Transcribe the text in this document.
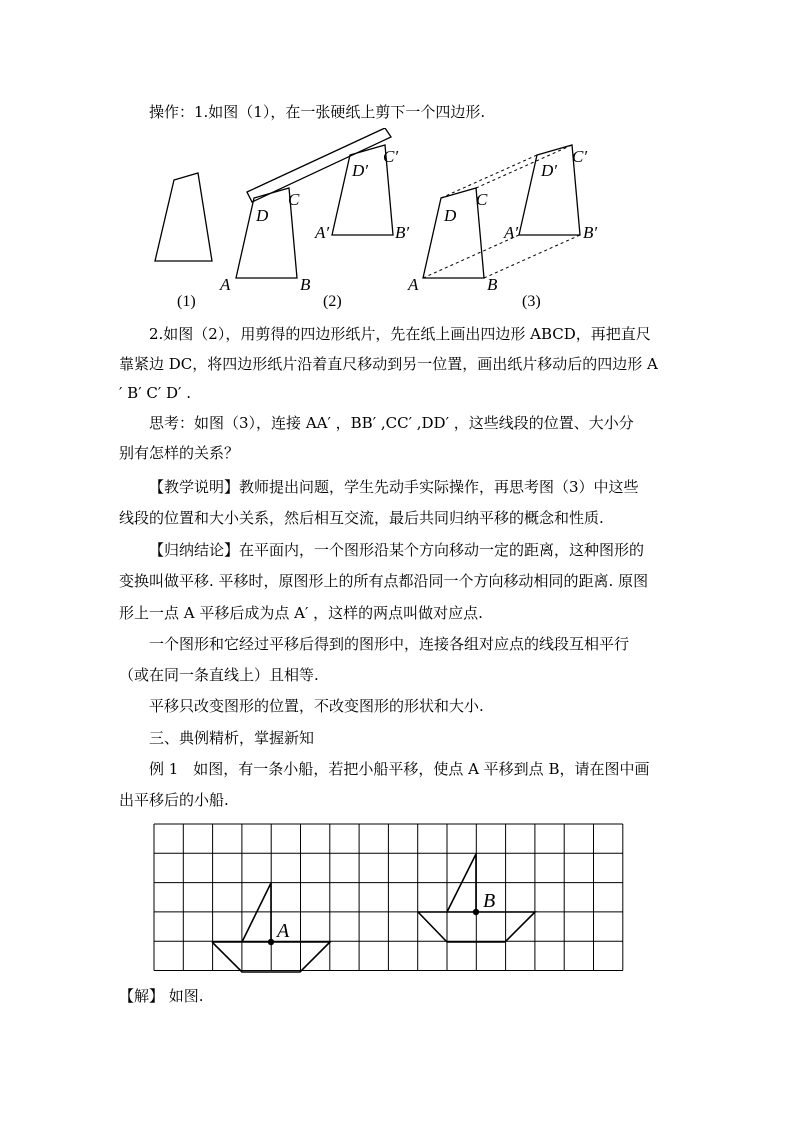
操作：1.如图（1），在一张硬纸上剪下一个四边形.
A	B
C
D
A′	B′
C′
D′
A	B
C
D
A′	B′
C′
D′
(1)	(2)	(3)
2.如图（2），用剪得的四边形纸片，先在纸上画出四边形 ABCD，再把直尺
靠紧边 DC，将四边形纸片沿着直尺移动到另一位置，画出纸片移动后的四边形 A
′ B′ C′ D′ .
思考：如图（3），连接 AA′ ，BB′ ,CC′ ,DD′ ，这些线段的位置、大小分
别有怎样的关系？
【教学说明】教师提出问题，学生先动手实际操作，再思考图（3）中这些
线段的位置和大小关系，然后相互交流，最后共同归纳平移的概念和性质.
【归纳结论】在平面内，一个图形沿某个方向移动一定的距离，这种图形的
变换叫做平移. 平移时，原图形上的所有点都沿同一个方向移动相同的距离. 原图
形上一点 A 平移后成为点 A′ ，这样的两点叫做对应点.
一个图形和它经过平移后得到的图形中，连接各组对应点的线段互相平行
（或在同一条直线上）且相等.
平移只改变图形的位置，不改变图形的形状和大小.
三、典例精析，掌握新知
例 1　如图，有一条小船，若把小船平移，使点 A 平移到点 B，请在图中画
出平移后的小船.
A
B
【解】 如图.
